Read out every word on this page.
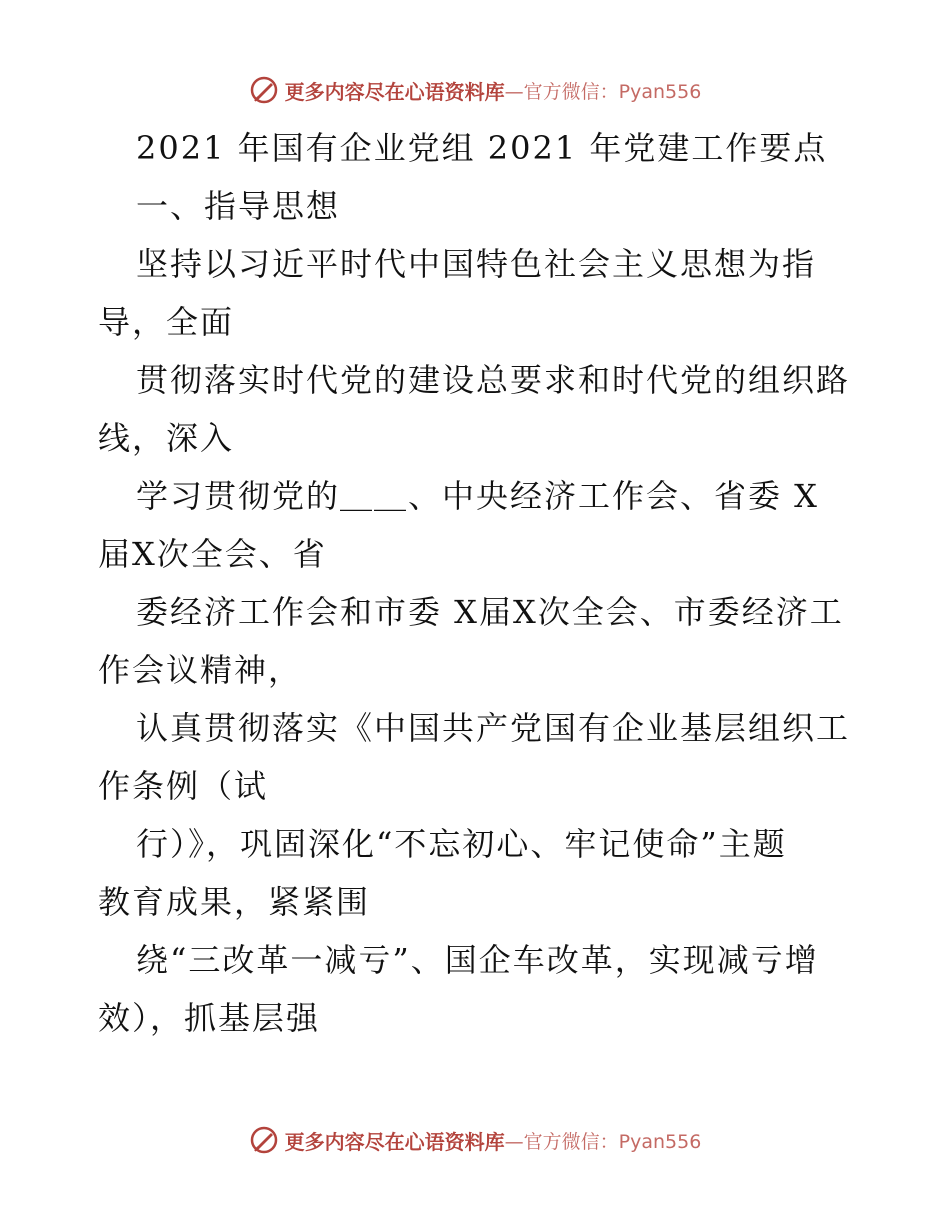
更多内容尽在心语资料库 —官方微信：Pyan556
2021 年国有企业党组 2021 年党建工作要点
一、指导思想
坚持以习近平时代中国特色社会主义思想为指
导，全面
贯彻落实时代党的建设总要求和时代党的组织路
线，深入
学习贯彻党的＿＿、中央经济工作会、省委 X
届X次全会、省
委经济工作会和市委 X届X次全会、市委经济工
作会议精神，
认真贯彻落实《中国共产党国有企业基层组织工
作条例（试
行）》，巩固深化“不忘初心、牢记使命”主题
教育成果，紧紧围
绕“三改革一减亏”、国企车改革，实现减亏增
效），抓基层强
更多内容尽在心语资料库 —官方微信：Pyan556
